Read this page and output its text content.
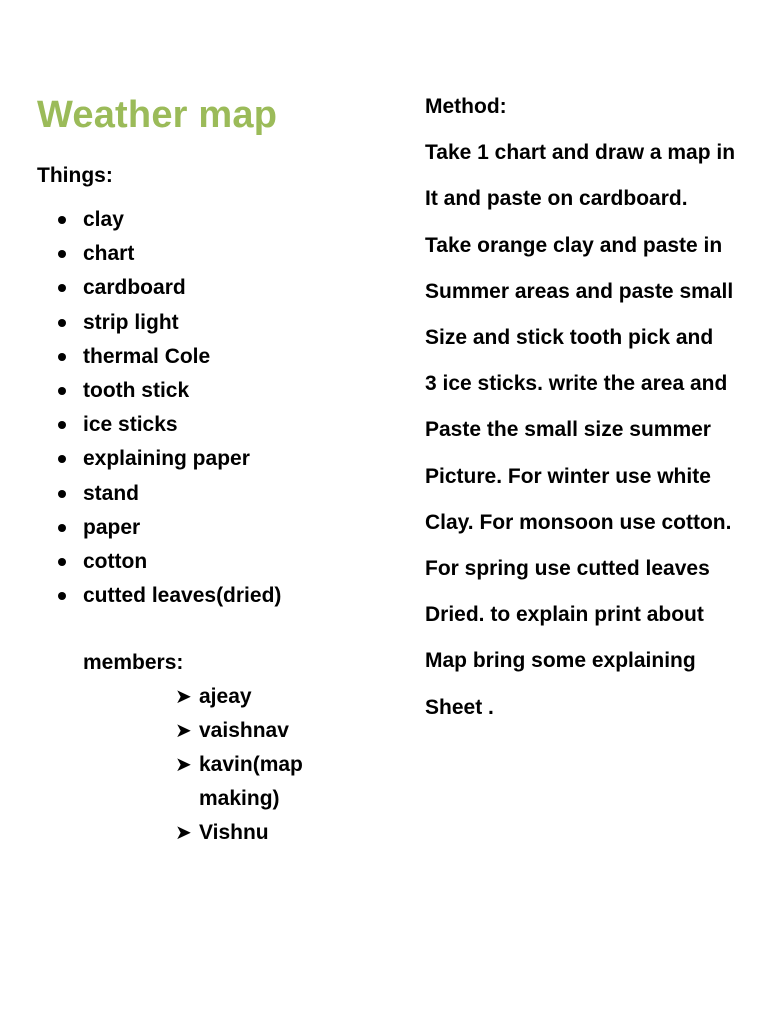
Weather map
Things:
clay
chart
cardboard
strip light
thermal Cole
tooth stick
ice sticks
explaining paper
stand
paper
cotton
cutted leaves(dried)
members:
➤ ajeay
➤ vaishnav
➤ kavin(map making)
➤ Vishnu

Method:

Take 1 chart and draw a map in

It and paste on cardboard.

Take orange clay and paste in

Summer areas and paste small

Size and stick tooth pick and

3 ice sticks. write the area and

Paste the small size summer

Picture. For winter use white

Clay. For monsoon use cotton.

For spring use cutted leaves

Dried. to explain print about

Map bring some explaining

Sheet .
